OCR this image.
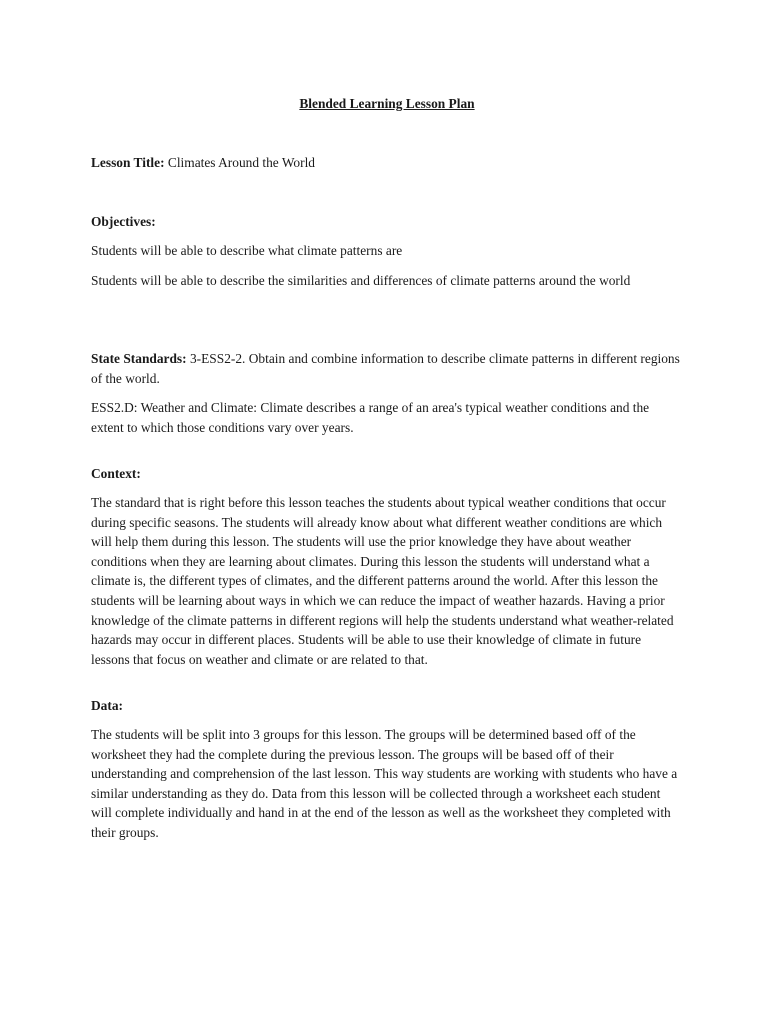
Blended Learning Lesson Plan

Lesson Title: Climates Around the World

Objectives:

Students will be able to describe what climate patterns are

Students will be able to describe the similarities and differences of climate patterns around the world

State Standards: 3-ESS2-2. Obtain and combine information to describe climate patterns in different regions of the world.

ESS2.D: Weather and Climate: Climate describes a range of an area's typical weather conditions and the extent to which those conditions vary over years.

Context:

The standard that is right before this lesson teaches the students about typical weather conditions that occur during specific seasons. The students will already know about what different weather conditions are which will help them during this lesson. The students will use the prior knowledge they have about weather conditions when they are learning about climates. During this lesson the students will understand what a climate is, the different types of climates, and the different patterns around the world. After this lesson the students will be learning about ways in which we can reduce the impact of weather hazards. Having a prior knowledge of the climate patterns in different regions will help the students understand what weather-related hazards may occur in different places. Students will be able to use their knowledge of climate in future lessons that focus on weather and climate or are related to that.

Data:

The students will be split into 3 groups for this lesson. The groups will be determined based off of the worksheet they had the complete during the previous lesson. The groups will be based off of their understanding and comprehension of the last lesson. This way students are working with students who have a similar understanding as they do. Data from this lesson will be collected through a worksheet each student will complete individually and hand in at the end of the lesson as well as the worksheet they completed with their groups.
